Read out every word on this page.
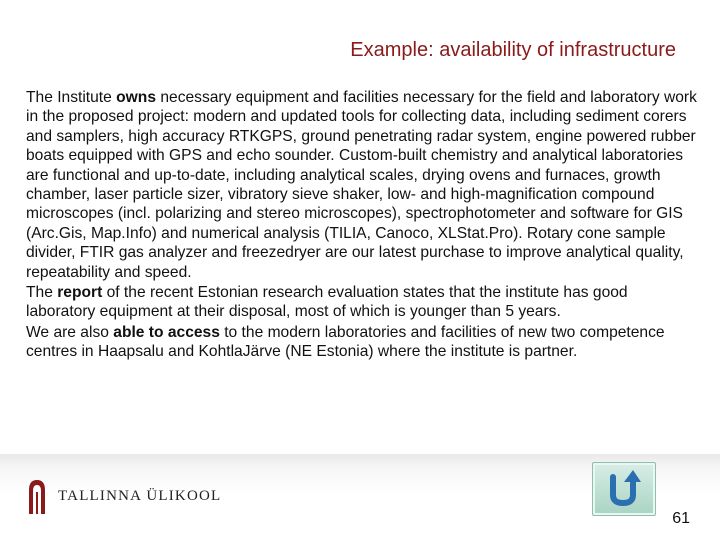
Example: availability of infrastructure

The Institute owns necessary equipment and facilities necessary for the field and laboratory work in the proposed project: modern and updated tools for collecting data, including sediment corers and samplers, high accuracy RTKGPS, ground penetrating radar system, engine powered rubber boats equipped with GPS and echo sounder. Custom-built chemistry and analytical laboratories are functional and up-to-date, including analytical scales, drying ovens and furnaces, growth chamber, laser particle sizer, vibratory sieve shaker, low- and high-magnification compound microscopes (incl. polarizing and stereo microscopes), spectrophotometer and software for GIS (Arc.Gis, Map.Info) and numerical analysis (TILIA, Canoco, XLStat.Pro). Rotary cone sample divider, FTIR gas analyzer and freezedryer are our latest purchase to improve analytical quality, repeatability and speed.

The report of the recent Estonian research evaluation states that the institute has good laboratory equipment at their disposal, most of which is younger than 5 years.

We are also able to access to the modern laboratories and facilities of new two competence centres in Haapsalu and KohtlaJärve (NE Estonia) where the institute is partner.

TALLINNA ÜLIKOOL
61
